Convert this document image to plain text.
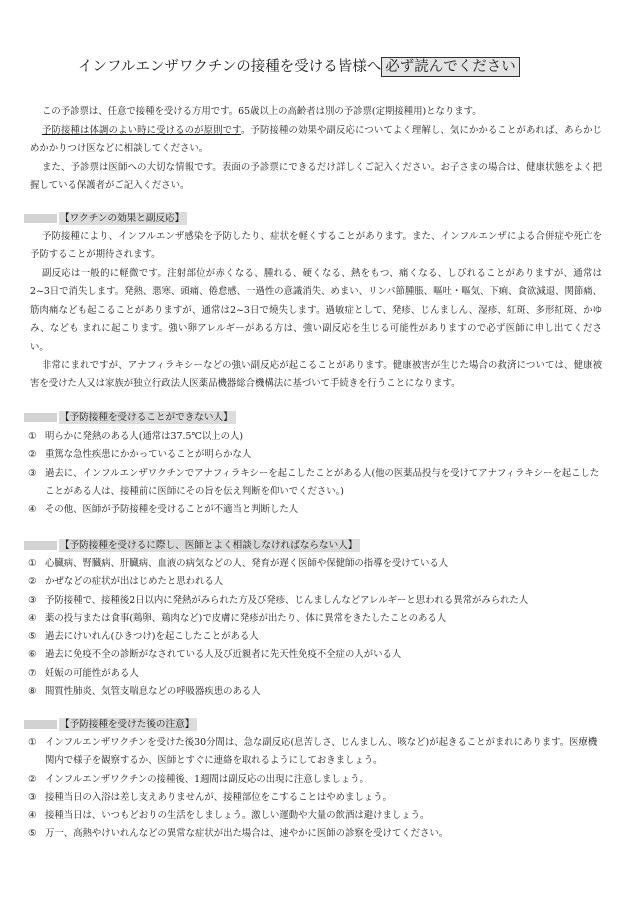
インフルエンザワクチンの接種を受ける皆様へ 必ず読んでください

この予診票は、任意で接種を受ける方用です。65歳以上の高齢者は別の予診票(定期接種用)となります。

予防接種は体調のよい時に受けるのが原則です。予防接種の効果や副反応についてよく理解し、気にかかることがあれば、あらかじめかかりつけ医などに相談してください。

また、予診票は医師への大切な情報です。表面の予診票にできるだけ詳しくご記入ください。お子さまの場合は、健康状態をよく把握している保護者がご記入ください。

【ワクチンの効果と副反応】

予防接種により、インフルエンザ感染を予防したり、症状を軽くすることがあります。また、インフルエンザによる合併症や死亡を予防することが期待されます。

副反応は一般的に軽微です。注射部位が赤くなる、腫れる、硬くなる、熱をもつ、痛くなる、しびれることがありますが、通常は2~3日で消失します。発熱、悪寒、頭痛、倦怠感、一過性の意識消失、めまい、リンパ節腫脹、嘔吐・嘔気、下痢、食欲減退、関節痛、筋肉痛なども起こることがありますが、通常は2~3日で燒失します。過敏症として、発疹、じんましん、湿疹、紅斑、多形紅斑、かゆみ、なども まれに起こります。強い卵アレルギーがある方は、強い副反応を生じる可能性がありますので必ず医師に申し出てください。

非常にまれですが、アナフィラキシーなどの強い副反応が起こることがあります。健康被害が生じた場合の救済については、健康被害を受けた人又は家族が独立行政法人医薬品機器総合機構法に基づいて手続きを行うことになります。

【予防接種を受けることができない人】
① 明らかに発熱のある人(通常は37.5℃以上の人)
② 重篤な急性疾患にかかっていることが明らかな人
③ 過去に、インフルエンザワクチンでアナフィラキシーを起こしたことがある人(他の医薬品投与を受けてアナフィラキシーを起こしたことがある人は、接種前に医師にその旨を伝え判断を仰いでください。)
④ その他、医師が予防接種を受けることが不適当と判断した人
【予防接種を受けるに際し、医師とよく相談しなければならない人】
① 心臓病、腎臓病、肝臓病、血液の病気などの人、発育が遅く医師や保健師の指導を受けている人
② かぜなどの症状が出はじめたと思われる人
③ 予防接種で、接種後2日以内に発熱がみられた方及び発疹、じんましんなどアレルギーと思われる異常がみられた人
④ 薬の投与または食事(鶏卵、鶏肉など)で皮膚に発疹が出たり、体に異常をきたしたことのある人
⑤ 過去にけいれん(ひきつけ)を起こしたことがある人
⑥ 過去に免疫不全の診断がなされている人及び近親者に先天性免疫不全症の人がいる人
⑦ 妊娠の可能性がある人
⑧ 間質性肺炎、気管支喘息などの呼吸器疾患のある人
【予防接種を受けた後の注意】
① インフルエンザワクチンを受けた後30分間は、急な副反応(息苦しさ、じんましん、咳など)が起きることがまれにあります。医療機関内で様子を観察するか、医師とすぐに連絡を取れるようにしておきましょう。
② インフルエンザワクチンの接種後、1週間は副反応の出現に注意しましょう。
③ 接種当日の入浴は差し支えありませんが、接種部位をこすることはやめましょう。
④ 接種当日は、いつもどおりの生活をしましょう。激しい運動や大量の飲酒は避けましょう。
⑤ 万一、高熱やけいれんなどの異常な症状が出た場合は、速やかに医師の診察を受けてください。
